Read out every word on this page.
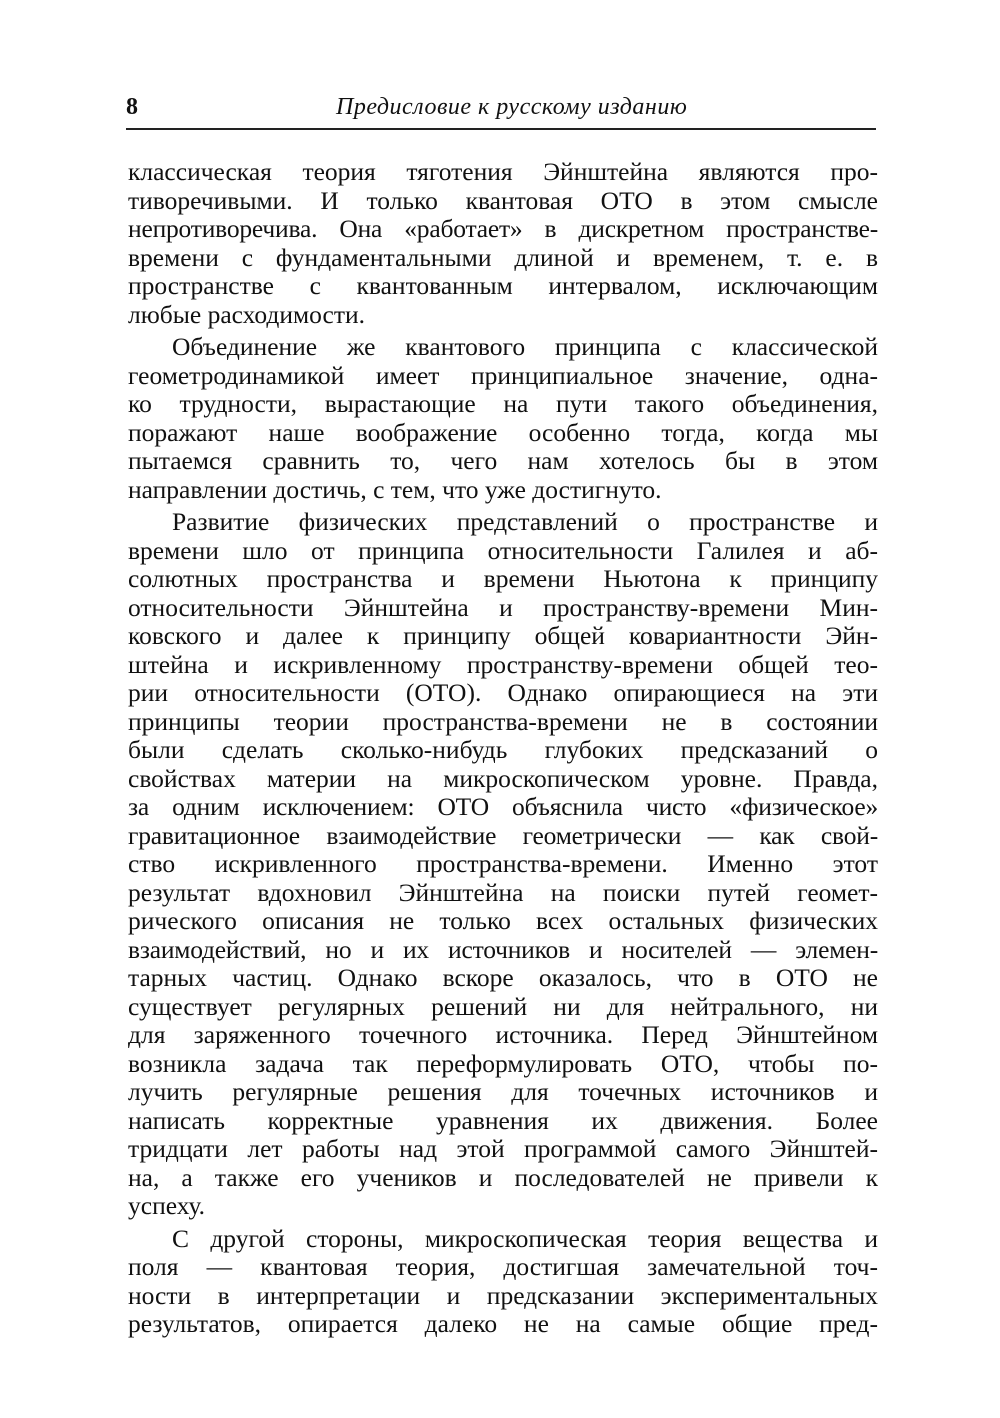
8	Предисловие к русскому изданию
классическая теория тяготения Эйнштейна являются про-
тиворечивыми. И только квантовая ОТО в этом смысле
непротиворечива. Она «работает» в дискретном пространстве-
времени с фундаментальными длиной и временем, т. е. в
пространстве с квантованным интервалом, исключающим
любые расходимости.
Объединение же квантового принципа с классической
геометродинамикой имеет принципиальное значение, одна-
ко трудности, вырастающие на пути такого объединения,
поражают наше воображение особенно тогда, когда мы
пытаемся сравнить то, чего нам хотелось бы в этом
направлении достичь, с тем, что уже достигнуто.
Развитие физических представлений о пространстве и
времени шло от принципа относительности Галилея и аб-
солютных пространства и времени Ньютона к принципу
относительности Эйнштейна и пространству-времени Мин-
ковского и далее к принципу общей ковариантности Эйн-
штейна и искривленному пространству-времени общей тео-
рии относительности (ОТО). Однако опирающиеся на эти
принципы теории пространства-времени не в состоянии
были сделать сколько-нибудь глубоких предсказаний о
свойствах материи на микроскопическом уровне. Правда,
за одним исключением: ОТО объяснила чисто «физическое»
гравитационное взаимодействие геометрически — как свой-
ство искривленного пространства-времени. Именно этот
результат вдохновил Эйнштейна на поиски путей геомет-
рического описания не только всех остальных физических
взаимодействий, но и их источников и носителей — элемен-
тарных частиц. Однако вскоре оказалось, что в ОТО не
существует регулярных решений ни для нейтрального, ни
для заряженного точечного источника. Перед Эйнштейном
возникла задача так переформулировать ОТО, чтобы по-
лучить регулярные решения для точечных источников и
написать корректные уравнения их движения. Более
тридцати лет работы над этой программой самого Эйнштей-
на, а также его учеников и последователей не привели к
успеху.
С другой стороны, микроскопическая теория вещества и
поля — квантовая теория, достигшая замечательной точ-
ности в интерпретации и предсказании экспериментальных
результатов, опирается далеко не на самые общие пред-
